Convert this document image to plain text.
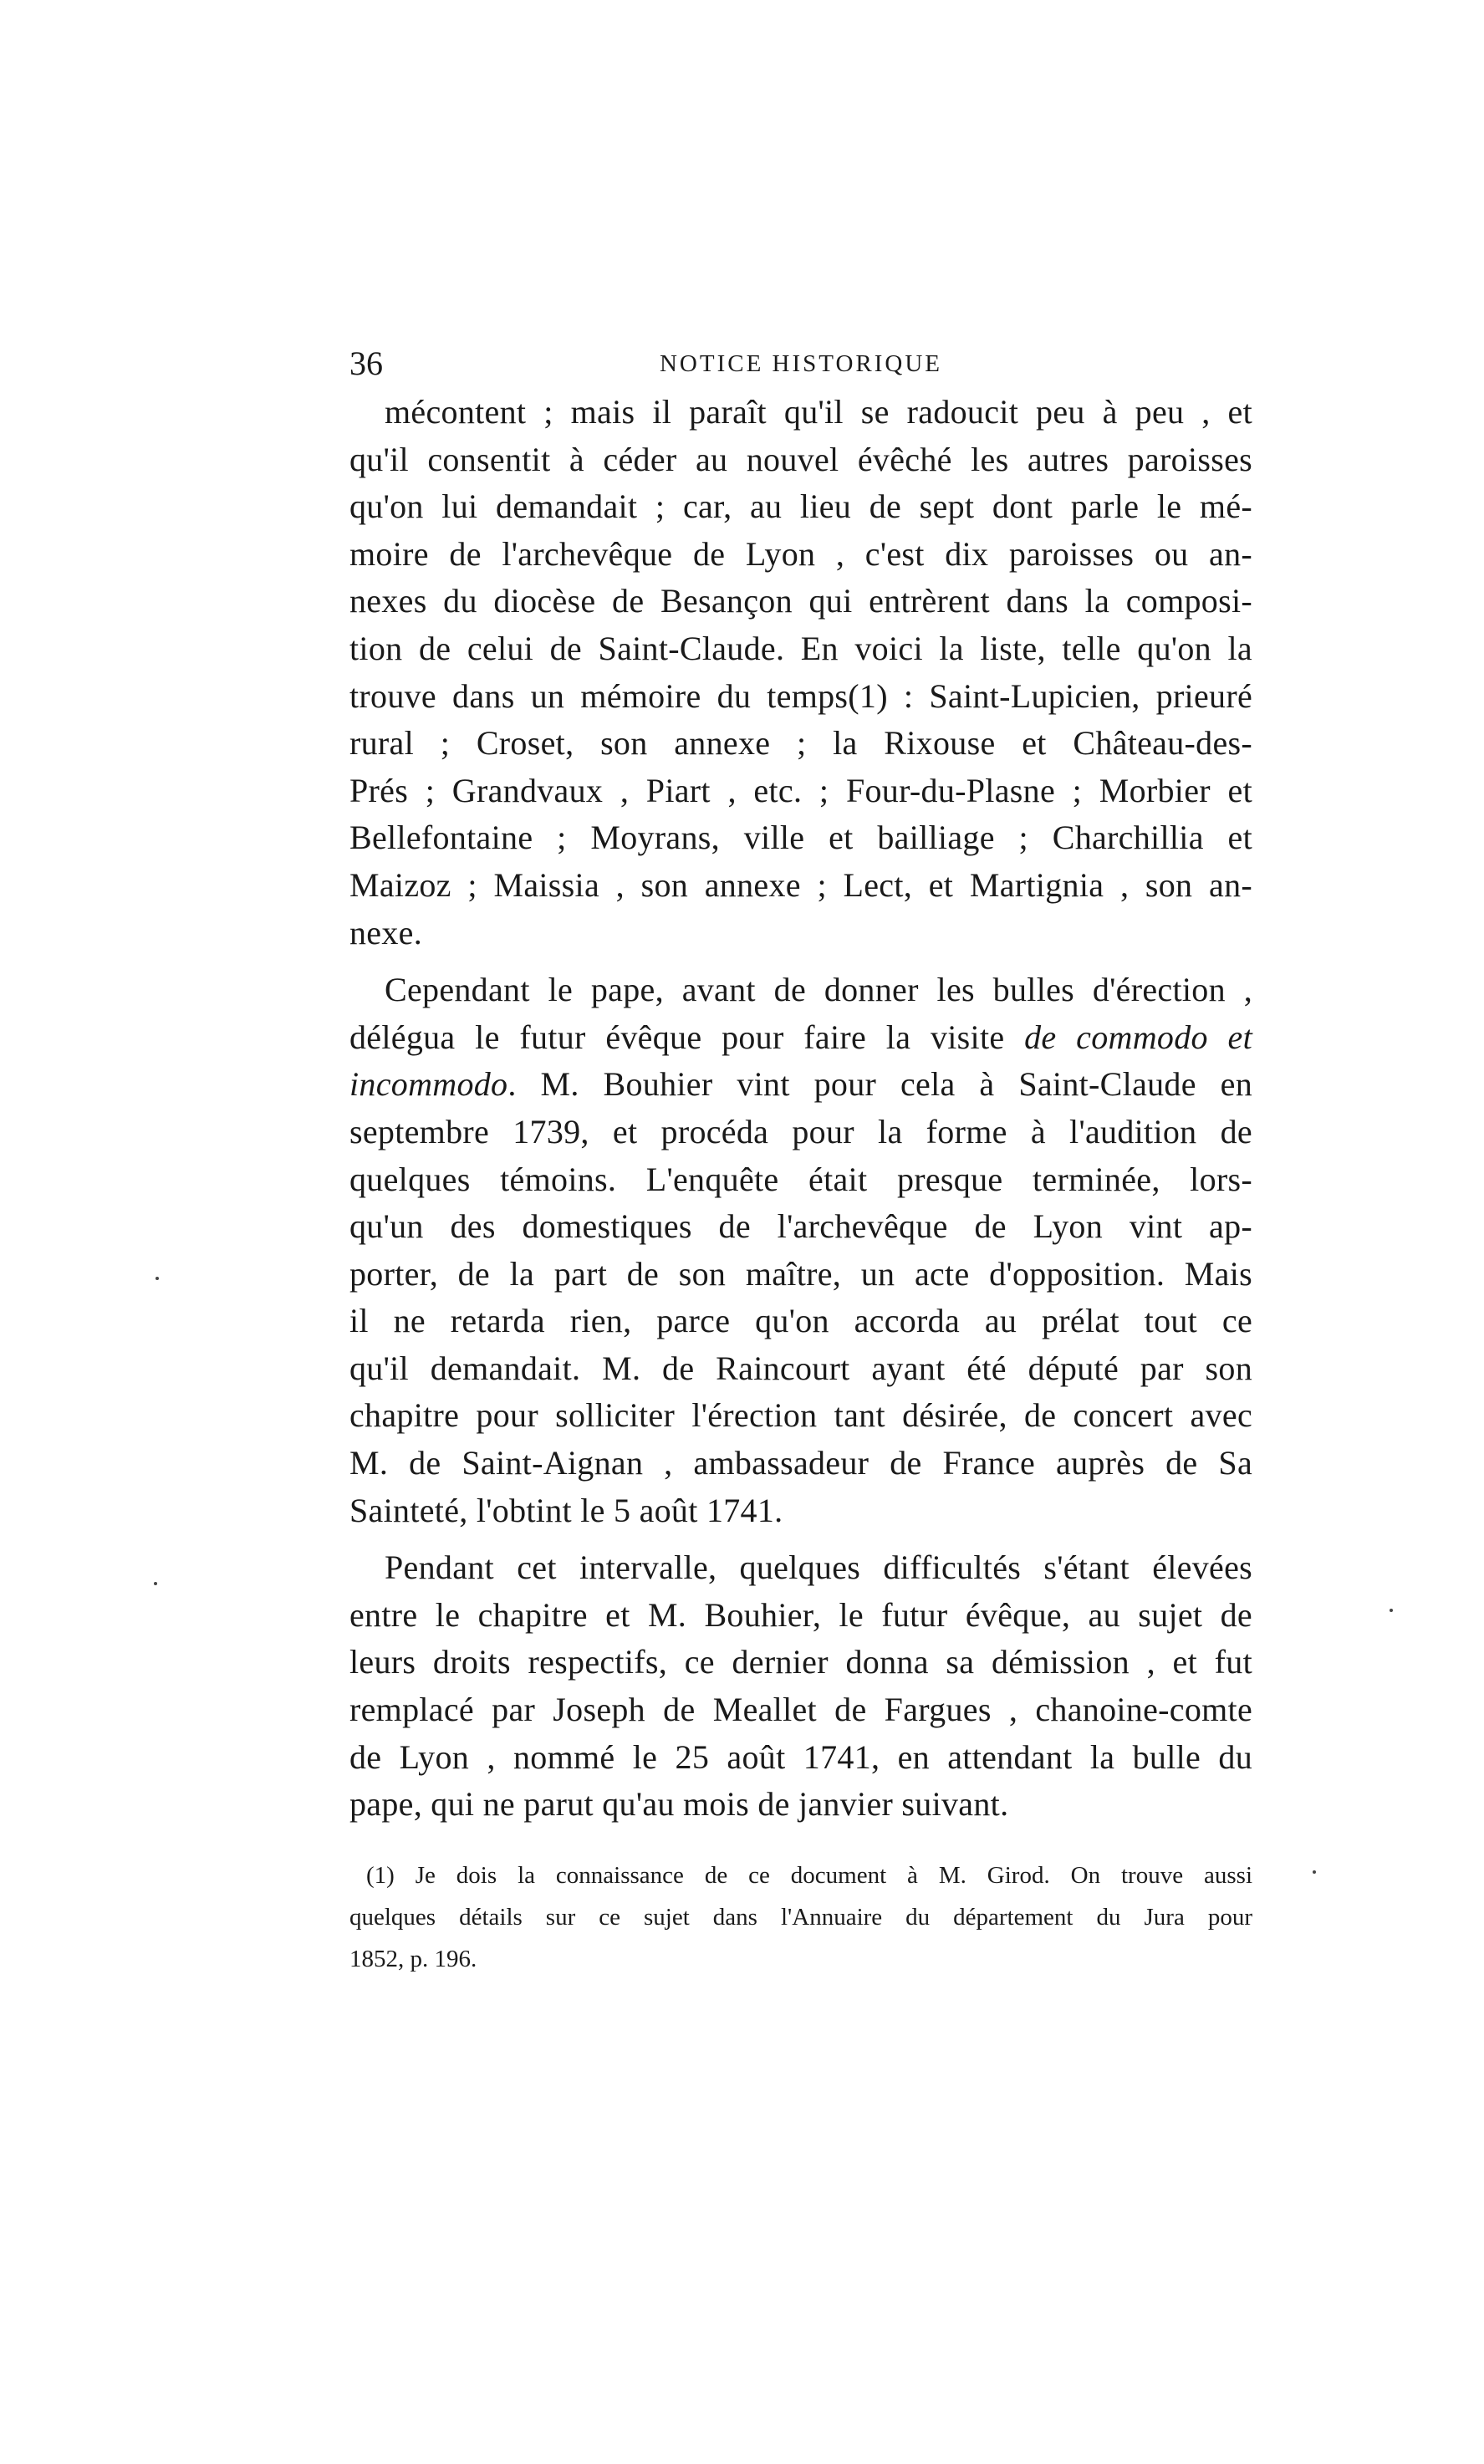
36	NOTICE HISTORIQUE
mécontent ; mais il paraît qu'il se radoucit peu à peu , et
qu'il consentit à céder au nouvel évêché les autres paroisses
qu'on lui demandait ; car, au lieu de sept dont parle le mé-
moire de l'archevêque de Lyon , c'est dix paroisses ou an-
nexes du diocèse de Besançon qui entrèrent dans la composi-
tion de celui de Saint-Claude. En voici la liste, telle qu'on la
trouve dans un mémoire du temps(1) : Saint-Lupicien, prieuré
rural ; Croset, son annexe ; la Rixouse et Château-des-
Prés ; Grandvaux , Piart , etc. ; Four-du-Plasne ; Morbier et
Bellefontaine ; Moyrans, ville et bailliage ; Charchillia et
Maizoz ; Maissia , son annexe ; Lect, et Martignia , son an-
nexe.
Cependant le pape, avant de donner les bulles d'érection ,
délégua le futur évêque pour faire la visite de commodo et
incommodo. M. Bouhier vint pour cela à Saint-Claude en
septembre 1739, et procéda pour la forme à l'audition de
quelques témoins. L'enquête était presque terminée, lors-
qu'un des domestiques de l'archevêque de Lyon vint ap-
porter, de la part de son maître, un acte d'opposition. Mais
il ne retarda rien, parce qu'on accorda au prélat tout ce
qu'il demandait. M. de Raincourt ayant été député par son
chapitre pour solliciter l'érection tant désirée, de concert avec
M. de Saint-Aignan , ambassadeur de France auprès de Sa
Sainteté, l'obtint le 5 août 1741.
Pendant cet intervalle, quelques difficultés s'étant élevées
entre le chapitre et M. Bouhier, le futur évêque, au sujet de
leurs droits respectifs, ce dernier donna sa démission , et fut
remplacé par Joseph de Meallet de Fargues , chanoine-comte
de Lyon , nommé le 25 août 1741, en attendant la bulle du
pape, qui ne parut qu'au mois de janvier suivant.
(1) Je dois la connaissance de ce document à M. Girod. On trouve aussi
quelques détails sur ce sujet dans l'Annuaire du département du Jura pour
1852, p. 196.
